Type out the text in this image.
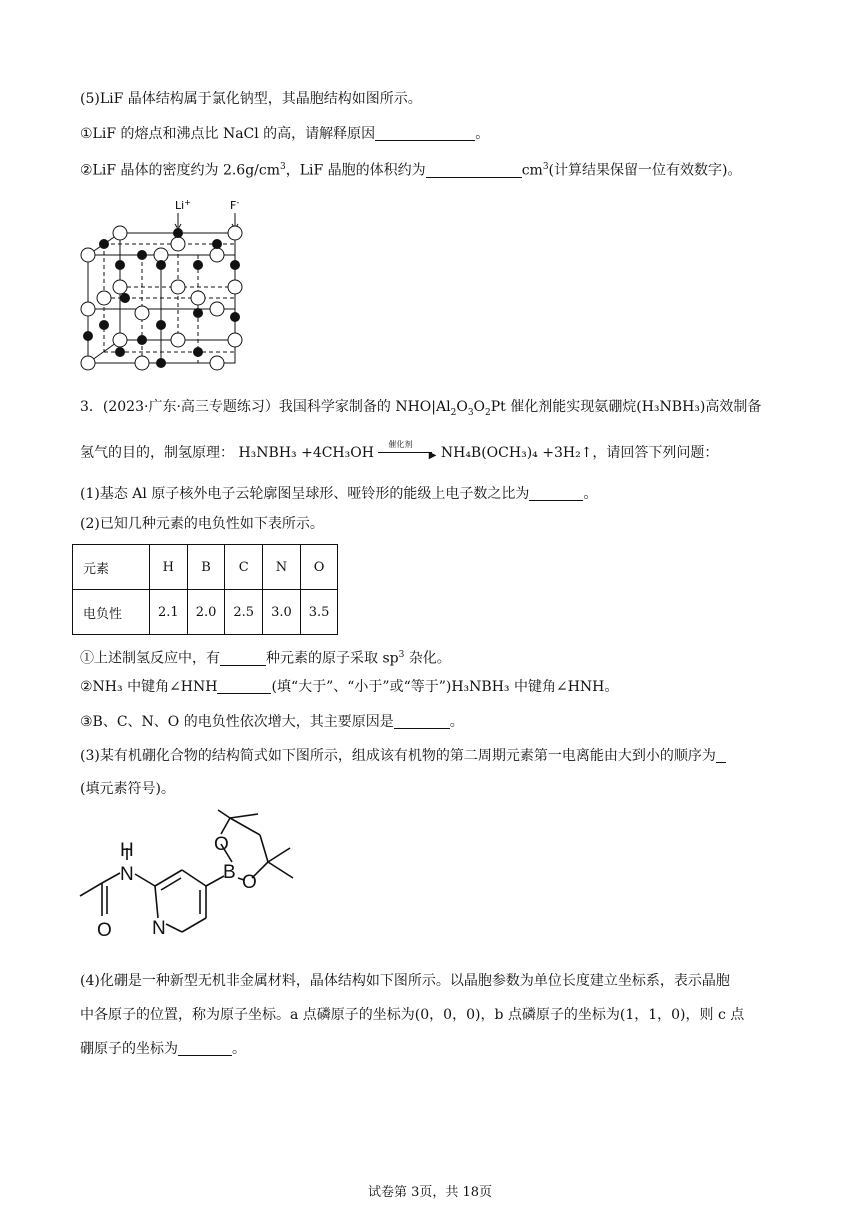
(5)LiF 晶体结构属于氯化钠型，其晶胞结构如图所示。
①LiF 的熔点和沸点比 NaCl 的高，请解释原因	。
②LiF 晶体的密度约为 $2.6g/cm^3$，LiF 晶胞的体积约为	$cm^3$(计算结果保留一位有效数字)。
Li+	F-
3．(2023·广东·高三专题练习）我国科学家制备的 $NHO|Al_2O_3O_2Pt$ 催化剂能实现氨硼烷(H₃NBH₃)高效制备
氢气的目的，制氢原理： H₃NBH₃ +4CH₃OH
催化剂
▶ NH₄B(OCH₃)₄ +3H₂↑，请回答下列问题：
(1)基态 Al 原子核外电子云轮廓图呈球形、哑铃形的能级上电子数之比为	。
(2)已知几种元素的电负性如下表所示。
元素	H	B	C	N	O
电负性	2.1	2.0	2.5	3.0	3.5
①上述制氢反应中，有	种元素的原子采取 $sp^3$ 杂化。
②NH₃ 中键角∠HNH	(填“大于”、“小于”或“等于”)H₃NBH₃ 中键角∠HNH。
③B、C、N、O 的电负性依次增大，其主要原因是	。
(3)某有机硼化合物的结构简式如下图所示，组成该有机物的第二周期元素第一电离能由大到小的顺序为
(填元素符号)。
H
N
O N
B
O
O
(4)化硼是一种新型无机非金属材料，晶体结构如下图所示。以晶胞参数为单位长度建立坐标系，表示晶胞
中各原子的位置，称为原子坐标。a 点磷原子的坐标为(0，0，0)，b 点磷原子的坐标为(1，1，0)，则 c 点
硼原子的坐标为	。
试卷第 3页，共 18页
